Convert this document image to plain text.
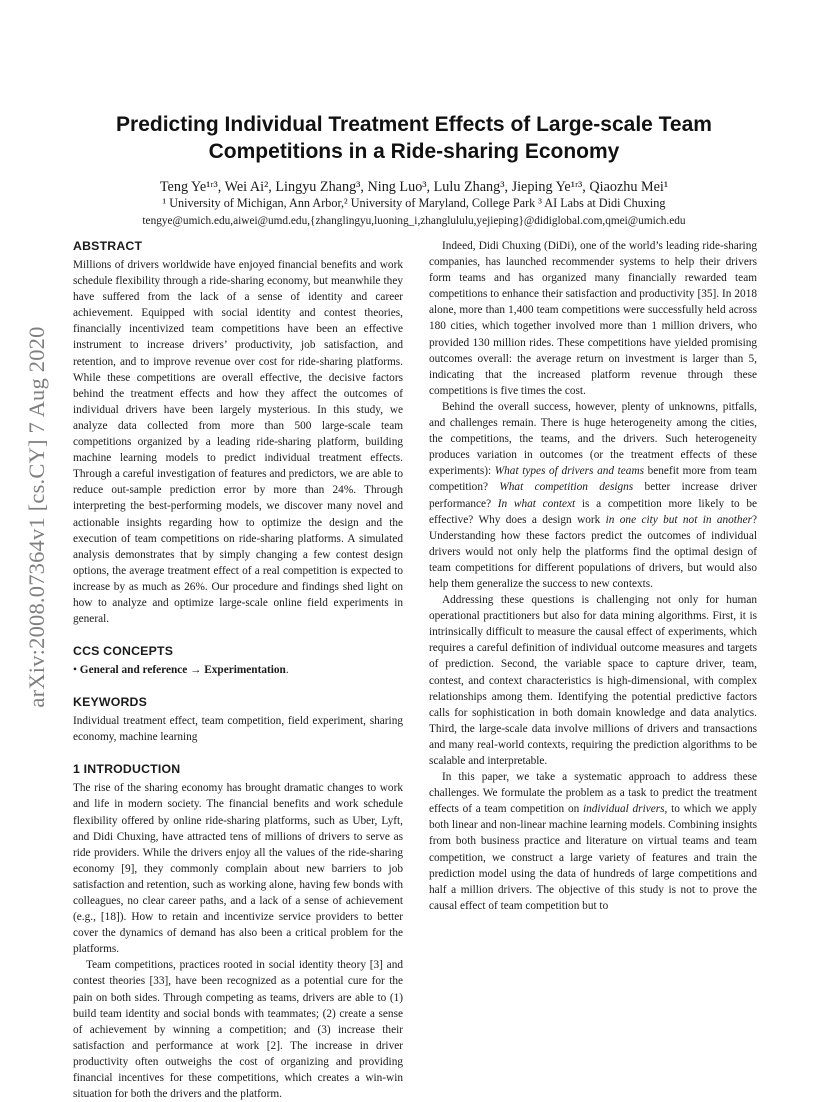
arXiv:2008.07364v1 [cs.CY] 7 Aug 2020
Predicting Individual Treatment Effects of Large-scale Team Competitions in a Ride-sharing Economy
Teng Ye¹ʳ³, Wei Ai², Lingyu Zhang³, Ning Luo³, Lulu Zhang³, Jieping Ye¹ʳ³, Qiaozhu Mei¹
¹ University of Michigan, Ann Arbor,² University of Maryland, College Park ³ AI Labs at Didi Chuxing
tengye@umich.edu,aiwei@umd.edu,{zhanglingyu,luoning_i,zhanglululu,yejieping}@didiglobal.com,qmei@umich.edu
ABSTRACT

Millions of drivers worldwide have enjoyed financial benefits and work schedule flexibility through a ride-sharing economy, but meanwhile they have suffered from the lack of a sense of identity and career achievement. Equipped with social identity and contest theories, financially incentivized team competitions have been an effective instrument to increase drivers’ productivity, job satisfaction, and retention, and to improve revenue over cost for ride-sharing platforms. While these competitions are overall effective, the decisive factors behind the treatment effects and how they affect the outcomes of individual drivers have been largely mysterious. In this study, we analyze data collected from more than 500 large-scale team competitions organized by a leading ride-sharing platform, building machine learning models to predict individual treatment effects. Through a careful investigation of features and predictors, we are able to reduce out-sample prediction error by more than 24%. Through interpreting the best-performing models, we discover many novel and actionable insights regarding how to optimize the design and the execution of team competitions on ride-sharing platforms. A simulated analysis demonstrates that by simply changing a few contest design options, the average treatment effect of a real competition is expected to increase by as much as 26%. Our procedure and findings shed light on how to analyze and optimize large-scale online field experiments in general.

CCS CONCEPTS

• General and reference → Experimentation.

KEYWORDS

Individual treatment effect, team competition, field experiment, sharing economy, machine learning

1 INTRODUCTION

The rise of the sharing economy has brought dramatic changes to work and life in modern society. The financial benefits and work schedule flexibility offered by online ride-sharing platforms, such as Uber, Lyft, and Didi Chuxing, have attracted tens of millions of drivers to serve as ride providers. While the drivers enjoy all the values of the ride-sharing economy [9], they commonly complain about new barriers to job satisfaction and retention, such as working alone, having few bonds with colleagues, no clear career paths, and a lack of a sense of achievement (e.g., [18]). How to retain and incentivize service providers to better cover the dynamics of demand has also been a critical problem for the platforms.

Team competitions, practices rooted in social identity theory [3] and contest theories [33], have been recognized as a potential cure for the pain on both sides. Through competing as teams, drivers are able to (1) build team identity and social bonds with teammates; (2) create a sense of achievement by winning a competition; and (3) increase their satisfaction and performance at work [2]. The increase in driver productivity often outweighs the cost of organizing and providing financial incentives for these competitions, which creates a win-win situation for both the drivers and the platform.

Indeed, Didi Chuxing (DiDi), one of the world’s leading ride-sharing companies, has launched recommender systems to help their drivers form teams and has organized many financially rewarded team competitions to enhance their satisfaction and productivity [35]. In 2018 alone, more than 1,400 team competitions were successfully held across 180 cities, which together involved more than 1 million drivers, who provided 130 million rides. These competitions have yielded promising outcomes overall: the average return on investment is larger than 5, indicating that the increased platform revenue through these competitions is five times the cost.

Behind the overall success, however, plenty of unknowns, pitfalls, and challenges remain. There is huge heterogeneity among the cities, the competitions, the teams, and the drivers. Such heterogeneity produces variation in outcomes (or the treatment effects of these experiments): What types of drivers and teams benefit more from team competition? What competition designs better increase driver performance? In what context is a competition more likely to be effective? Why does a design work in one city but not in another? Understanding how these factors predict the outcomes of individual drivers would not only help the platforms find the optimal design of team competitions for different populations of drivers, but would also help them generalize the success to new contexts.

Addressing these questions is challenging not only for human operational practitioners but also for data mining algorithms. First, it is intrinsically difficult to measure the causal effect of experiments, which requires a careful definition of individual outcome measures and targets of prediction. Second, the variable space to capture driver, team, contest, and context characteristics is high-dimensional, with complex relationships among them. Identifying the potential predictive factors calls for sophistication in both domain knowledge and data analytics. Third, the large-scale data involve millions of drivers and transactions and many real-world contexts, requiring the prediction algorithms to be scalable and interpretable.

In this paper, we take a systematic approach to address these challenges. We formulate the problem as a task to predict the treatment effects of a team competition on individual drivers, to which we apply both linear and non-linear machine learning models. Combining insights from both business practice and literature on virtual teams and team competition, we construct a large variety of features and train the prediction model using the data of hundreds of large competitions and half a million drivers. The objective of this study is not to prove the causal effect of team competition but to
